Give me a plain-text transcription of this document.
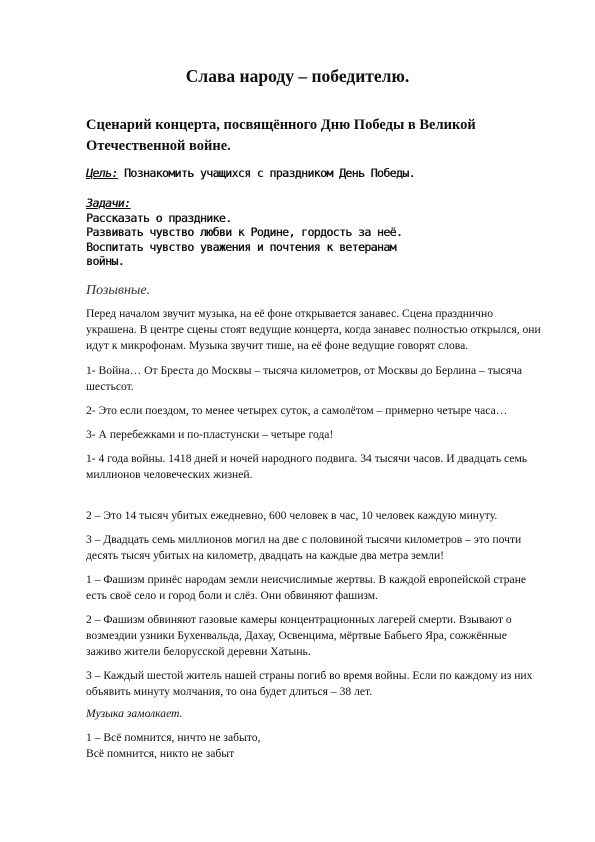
Слава народу – победителю.
Сценарий концерта, посвящённого Дню Победы в Великой Отечественной войне.
Цель: Познакомить учащихся с праздником День Победы.
Задачи:
Рассказать о празднике.
Развивать чувство любви к Родине, гордость за неё.
Воспитать чувство уважения и почтения к ветеранам
войны.
Позывные.
Перед началом звучит музыка, на её фоне открывается занавес. Сцена празднично
украшена. В центре сцены стоят ведущие концерта, когда занавес полностью открылся, они
идут к микрофонам. Музыка звучит тише, на её фоне ведущие говорят слова.
1- Война… От Бреста до Москвы – тысяча километров, от Москвы до Берлина – тысяча
шестьсот.
2- Это если поездом, то менее четырех суток, а самолётом – примерно четыре часа…
3- А перебежками и по-пластунски – четыре года!
1- 4 года войны. 1418 дней и ночей народного подвига. 34 тысячи часов. И двадцать семь
миллионов человеческих жизней.
2 – Это 14 тысяч убитых ежедневно, 600 человек в час, 10 человек каждую минуту.
3 – Двадцать семь миллионов могил на две с половиной тысячи километров – это почти
десять тысяч убитых на километр, двадцать на каждые два метра земли!
1 – Фашизм принёс народам земли неисчислимые жертвы. В каждой европейской стране
есть своё село и город боли и слёз. Они обвиняют фашизм.
2 – Фашизм обвиняют газовые камеры концентрационных лагерей смерти. Взывают о
возмездии узники Бухенвальда, Дахау, Освенцима, мёртвые Бабьего Яра, сожжённые
заживо жители белорусской деревни Хатынь.
3 – Каждый шестой житель нашей страны погиб во время войны. Если по каждому из них
объявить минуту молчания, то она будет длиться – 38 лет.
Музыка замолкает.
1 – Всё помнится, ничто не забыто,
Всё помнится, никто не забыт
